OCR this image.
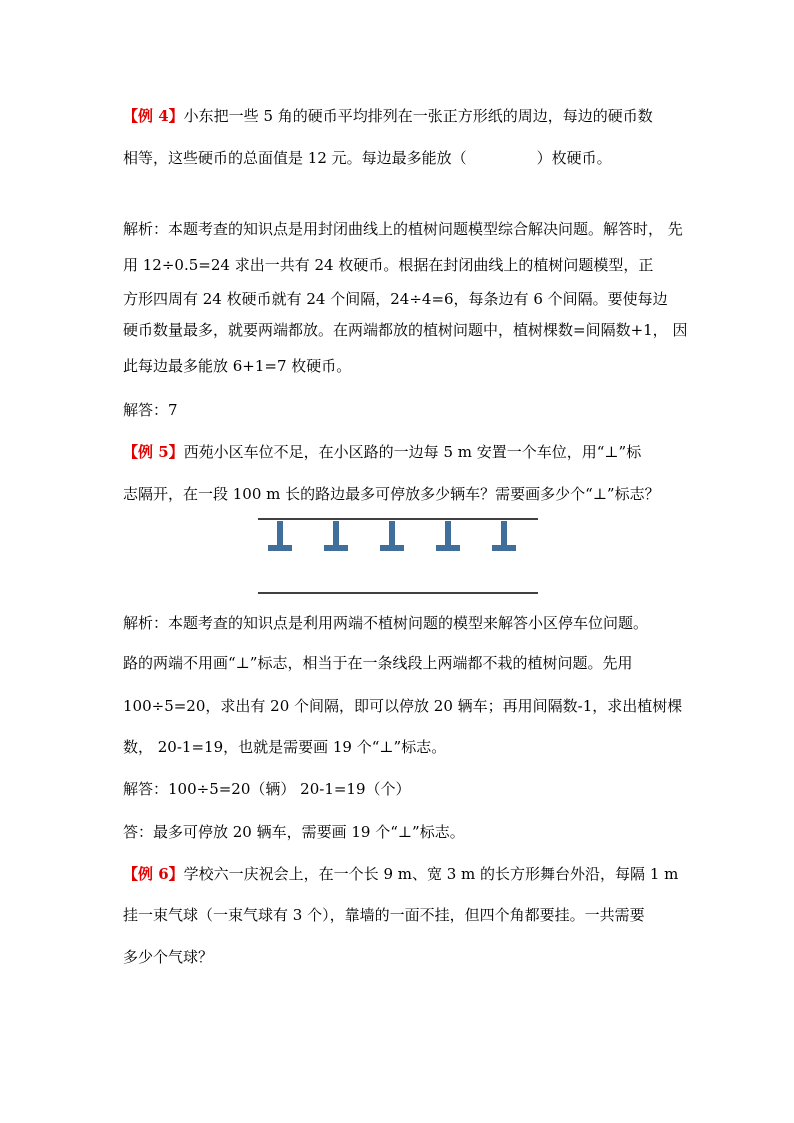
【例 4】小东把一些 5 角的硬币平均排列在一张正方形纸的周边，每边的硬币数
相等，这些硬币的总面值是 12 元。每边最多能放（	）枚硬币。
解析：本题考查的知识点是用封闭曲线上的植树问题模型综合解决问题。解答时， 先
用 12÷0.5=24 求出一共有 24 枚硬币。根据在封闭曲线上的植树问题模型，正
方形四周有 24 枚硬币就有 24 个间隔，24÷4=6，每条边有 6 个间隔。要使每边
硬币数量最多，就要两端都放。在两端都放的植树问题中，植树棵数=间隔数+1， 因
此每边最多能放 6+1=7 枚硬币。
解答：7
【例 5】西苑小区车位不足，在小区路的一边每 5 m 安置一个车位，用“⊥”标
志隔开，在一段 100 m 长的路边最多可停放多少辆车？需要画多少个“⊥”标志？
解析：本题考查的知识点是利用两端不植树问题的模型来解答小区停车位问题。
路的两端不用画“⊥”标志，相当于在一条线段上两端都不栽的植树问题。先用
100÷5=20，求出有 20 个间隔，即可以停放 20 辆车；再用间隔数-1，求出植树棵
数， 20-1=19，也就是需要画 19 个“⊥”标志。
解答：100÷5=20（辆） 20-1=19（个）
答：最多可停放 20 辆车，需要画 19 个“⊥”标志。
【例 6】学校六一庆祝会上，在一个长 9 m、宽 3 m 的长方形舞台外沿，每隔 1 m
挂一束气球（一束气球有 3 个），靠墙的一面不挂，但四个角都要挂。一共需要
多少个气球？
